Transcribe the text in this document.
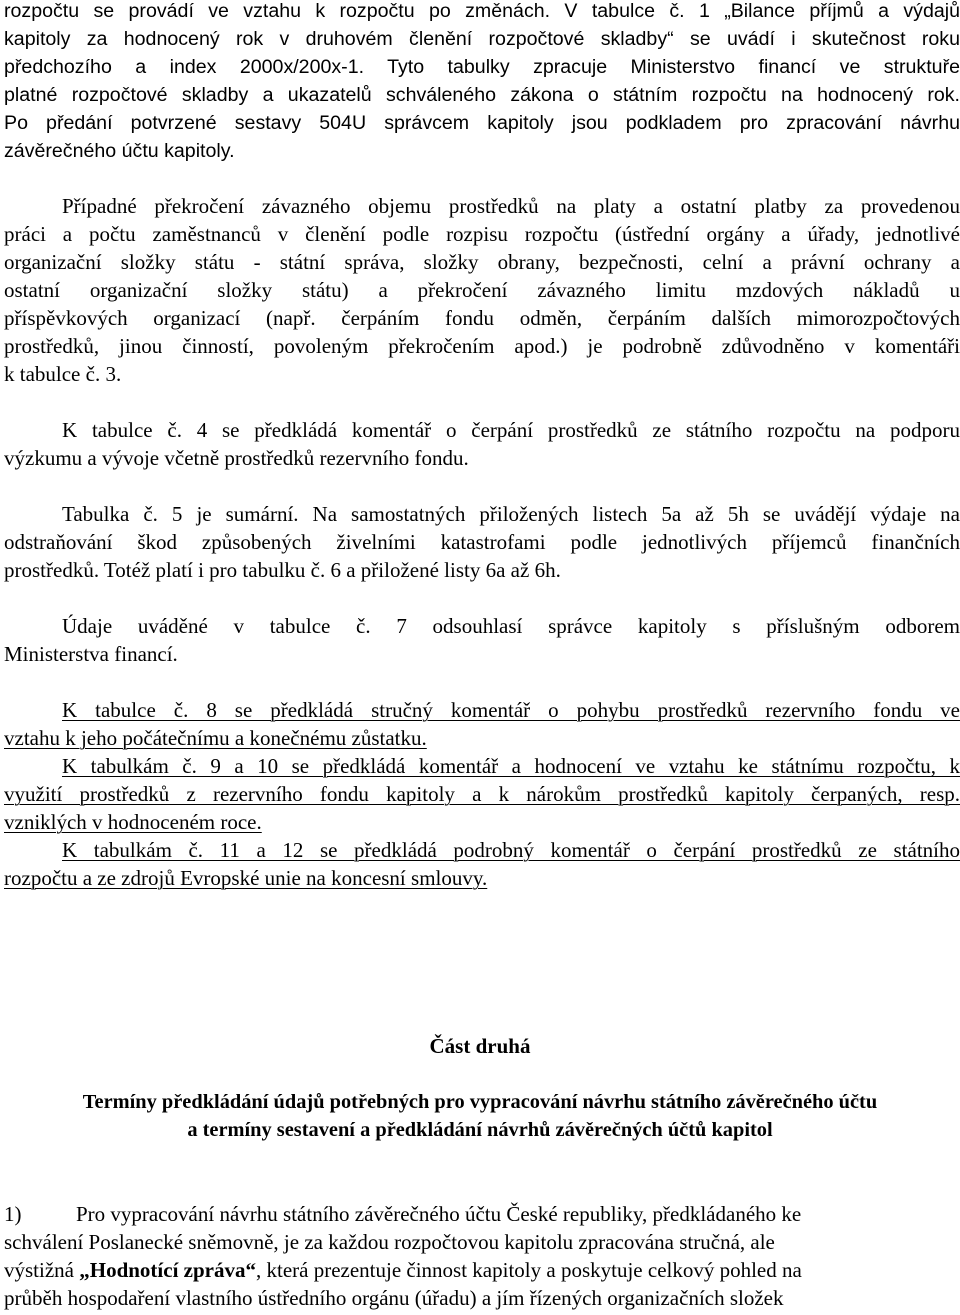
rozpočtu se provádí ve vztahu k rozpočtu po změnách. V tabulce č. 1 „Bilance příjmů a výdajů
kapitoly za hodnocený rok v druhovém členění rozpočtové skladby“ se uvádí i skutečnost roku
předchozího a index 2000x/200x-1. Tyto tabulky zpracuje Ministerstvo financí ve struktuře
platné rozpočtové skladby a ukazatelů schváleného zákona o státním rozpočtu na hodnocený rok.
Po předání potvrzené sestavy 504U správcem kapitoly jsou podkladem pro zpracování návrhu
závěrečného účtu kapitoly.
Případné překročení závazného objemu prostředků na platy a ostatní platby za provedenou
práci a počtu zaměstnanců v členění podle rozpisu rozpočtu (ústřední orgány a úřady, jednotlivé
organizační složky státu - státní správa, složky obrany, bezpečnosti, celní a právní ochrany a
ostatní organizační složky státu) a překročení závazného limitu mzdových nákladů u
příspěvkových organizací (např. čerpáním fondu odměn, čerpáním dalších mimorozpočtových
prostředků, jinou činností, povoleným překročením apod.) je podrobně zdůvodněno v komentáři
k tabulce č. 3.
K tabulce č. 4 se předkládá komentář o čerpání prostředků ze státního rozpočtu na podporu
výzkumu a vývoje včetně prostředků rezervního fondu.
Tabulka č. 5 je sumární. Na samostatných přiložených listech 5a až 5h se uvádějí výdaje na
odstraňování škod způsobených živelními katastrofami podle jednotlivých příjemců finančních
prostředků. Totéž platí i pro tabulku č. 6 a přiložené listy 6a až 6h.
Údaje uváděné v tabulce č. 7 odsouhlasí správce kapitoly s příslušným odborem
Ministerstva financí.
K tabulce č. 8 se předkládá stručný komentář o pohybu prostředků rezervního fondu ve
vztahu k jeho počátečnímu a konečnému zůstatku.
K tabulkám č. 9 a 10 se předkládá komentář a hodnocení ve vztahu ke státnímu rozpočtu, k
využití prostředků z rezervního fondu kapitoly a k nárokům prostředků kapitoly čerpaných, resp.
vzniklých v hodnoceném roce.
K tabulkám č. 11 a 12 se předkládá podrobný komentář o čerpání prostředků ze státního
rozpočtu a ze zdrojů Evropské unie na koncesní smlouvy.
Část druhá
Termíny předkládání údajů potřebných pro vypracování návrhu státního závěrečného účtu
a termíny sestavení a předkládání návrhů závěrečných účtů kapitol
1)	Pro vypracování návrhu státního závěrečného účtu České republiky, předkládaného ke
schválení Poslanecké sněmovně, je za každou rozpočtovou kapitolu zpracována stručná, ale
výstižná „Hodnotící zpráva“, která prezentuje činnost kapitoly a poskytuje celkový pohled na
průběh hospodaření vlastního ústředního orgánu (úřadu) a jím řízených organizačních složek
